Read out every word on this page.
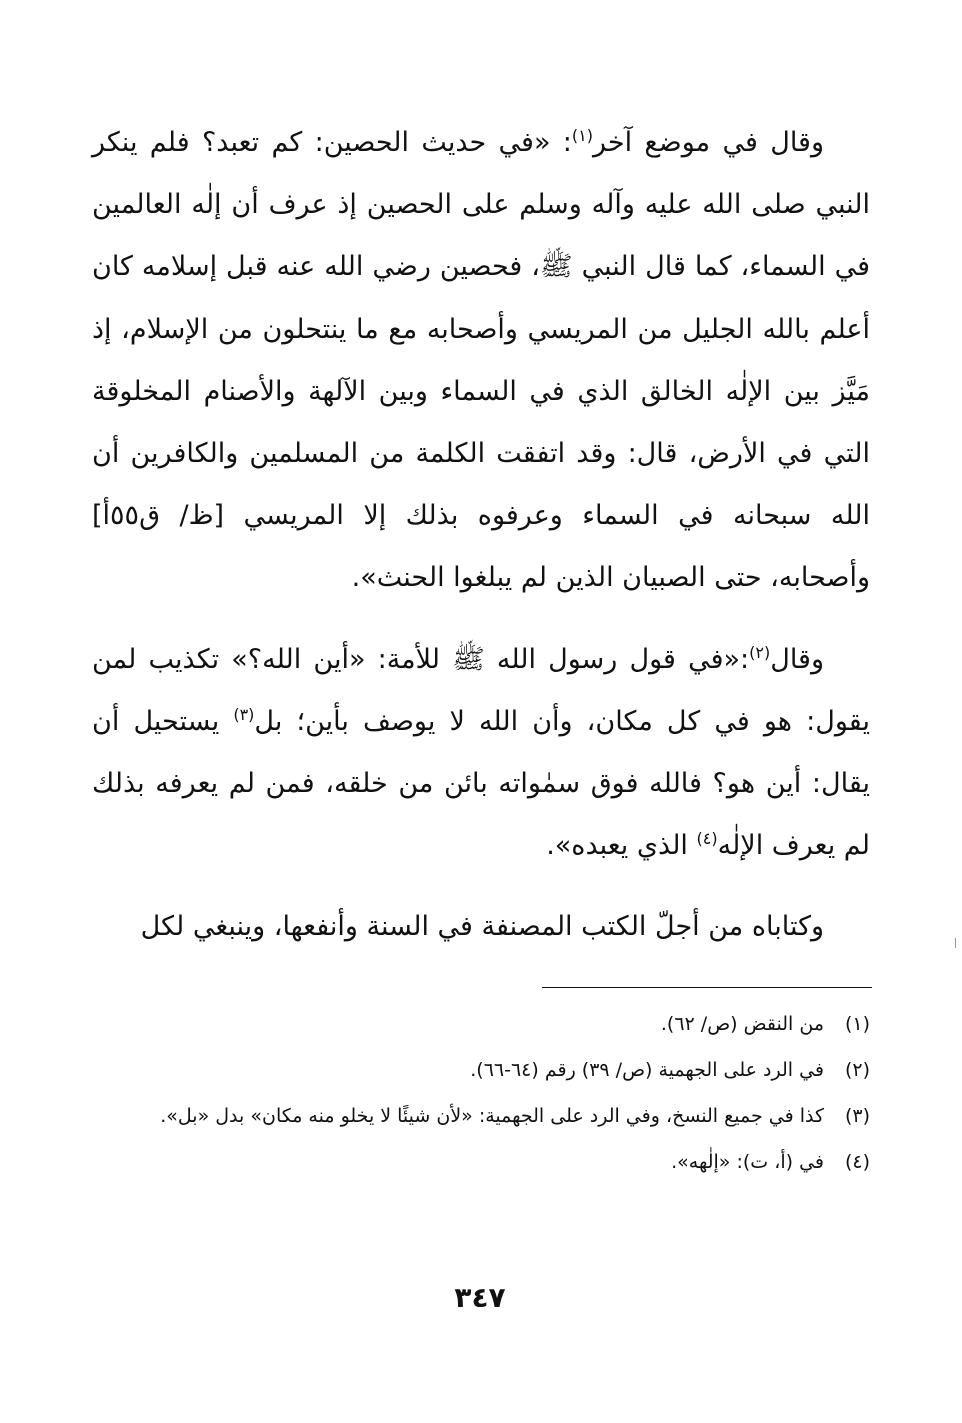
وقال في موضع آخر$^{(١)}$: «في حديث الحصين: كم تعبد؟ فلم ينكر النبي صلى الله عليه وآله وسلم على الحصين إذ عرف أن إلٰه العالمين في السماء، كما قال النبي ﷺ، فحصين رضي الله عنه قبل إسلامه كان أعلم بالله الجليل من المريسي وأصحابه مع ما ينتحلون من الإسلام، إذ مَيَّز بين الإلٰه الخالق الذي في السماء وبين الآلهة والأصنام المخلوقة التي في الأرض، قال: وقد اتفقت الكلمة من المسلمين والكافرين أن الله سبحانه في السماء وعرفوه بذلك إلا المريسي [ظ/ ق٥٥أ] وأصحابه، حتى الصبيان الذين لم يبلغوا الحنث».

وقال$^{(٢)}$:«في قول رسول الله ﷺ للأمة: «أين الله؟» تكذيب لمن يقول: هو في كل مكان، وأن الله لا يوصف بأين؛ بل$^{(٣)}$ يستحيل أن يقال: أين هو؟ فالله فوق سمٰواته بائن من خلقه، فمن لم يعرفه بذلك لم يعرف الإلٰه$^{(٤)}$ الذي يعبده».

وكتاباه من أجلّ الكتب المصنفة في السنة وأنفعها، وينبغي لكل

(١)
من النقض (ص/ ٦٢).
(٢)
في الرد على الجهمية (ص/ ٣٩) رقم (٦٤-٦٦).
(٣)
كذا في جميع النسخ، وفي الرد على الجهمية: «لأن شيئًا لا يخلو منه مكان» بدل «بل».
(٤)
في (أ، ت): «إلٰهه».
٣٤٧
